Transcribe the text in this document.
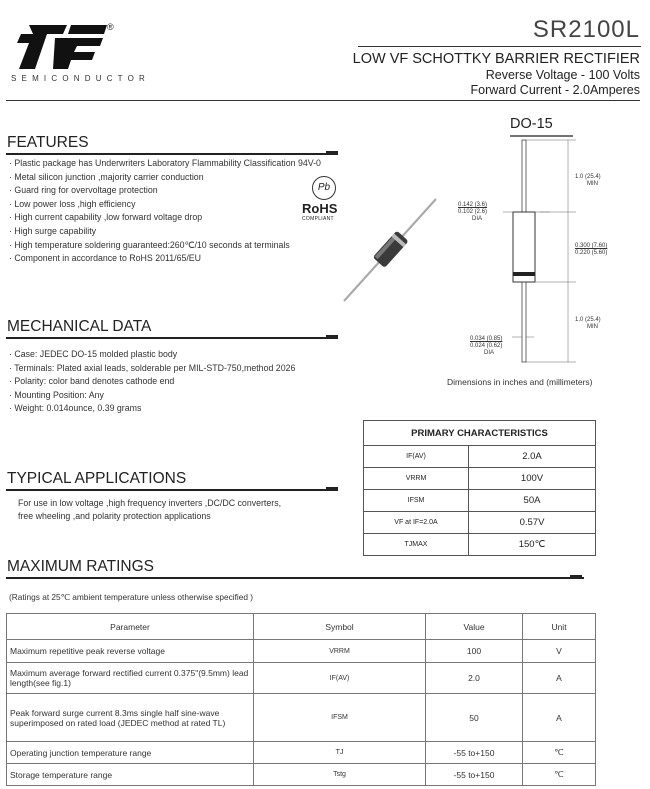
®
SEMICONDUCTOR
SR2100L
LOW VF SCHOTTKY BARRIER RECTIFIER
Reverse Voltage - 100 Volts
Forward Current - 2.0Amperes
FEATURES
· Plastic package has Underwriters Laboratory Flammability Classification 94V-0
· Metal silicon junction ,majority carrier conduction
· Guard ring for overvoltage protection
· Low power loss ,high efficiency
· High current capability ,low forward voltage drop
· High surge capability
· High temperature soldering guaranteed:260℃/10 seconds at terminals
· Component in accordance to RoHS 2011/65/EU
Pb
RoHS
COMPLIANT
DO-15
1.0 (25.4)
MIN
0.142 (3.6)
0.102 (2.6)
DIA
0.300 (7.60)
0.220 (5.60)
1.0 (25.4)
MIN
0.034 (0.85)
0.024 (0.62)
DIA
Dimensions in inches and (millimeters)
MECHANICAL DATA
· Case: JEDEC DO-15 molded plastic body
· Terminals: Plated axial leads, solderable per MIL-STD-750,method 2026
· Polarity: color band denotes cathode end
· Mounting Position: Any
· Weight: 0.014ounce, 0.39 grams
PRIMARY CHARACTERISTICS	
IF(AV)	2.0A
VRRM	100V
IFSM	50A
VF at IF=2.0A	0.57V
TJMAX	150℃
TYPICAL APPLICATIONS
For use in low voltage ,high frequency inverters ,DC/DC converters,
free wheeling ,and polarity protection applications
MAXIMUM RATINGS
(Ratings at 25℃ ambient temperature unless otherwise specified )
Parameter	Symbol	Value	Unit
Maximum repetitive peak reverse voltage	VRRM	100	V
Maximum average forward rectified current 0.375"(9.5mm) lead length(see fig.1)	IF(AV)	2.0	A
Peak forward surge current 8.3ms single half sine-wave superimposed on rated load (JEDEC method at rated TL)	IFSM	50	A
Operating junction temperature range	TJ	-55 to+150	℃
Storage temperature range	Tstg	-55 to+150	℃
